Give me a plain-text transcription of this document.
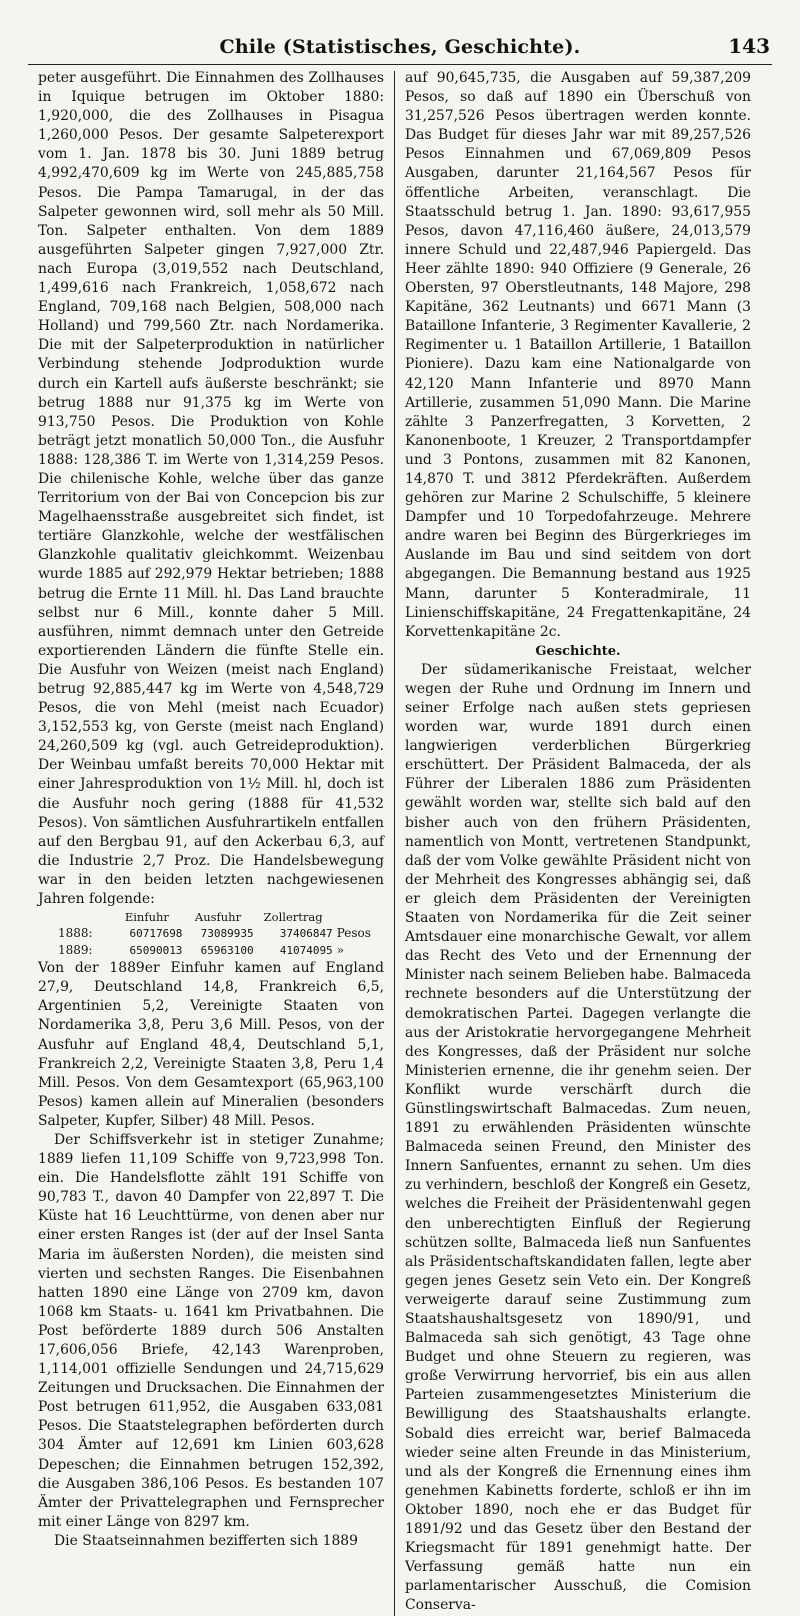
Chile (Statistisches, Geschichte).	143

peter ausgeführt. Die Einnahmen des Zollhauses in Iquique betrugen im Oktober 1880: 1,920,000, die des Zollhauses in Pisagua 1,260,000 Pesos. Der gesamte Salpeterexport vom 1. Jan. 1878 bis 30. Juni 1889 betrug 4,992,470,609 kg im Werte von 245,885,758 Pesos. Die Pampa Tamarugal, in der das Salpeter gewonnen wird, soll mehr als 50 Mill. Ton. Salpeter enthalten. Von dem 1889 ausgeführten Salpeter gingen 7,927,000 Ztr. nach Europa (3,019,552 nach Deutschland, 1,499,616 nach Frankreich, 1,058,672 nach England, 709,168 nach Belgien, 508,000 nach Holland) und 799,560 Ztr. nach Nordamerika. Die mit der Salpeterproduktion in natürlicher Verbindung stehende Jodproduktion wurde durch ein Kartell aufs äußerste beschränkt; sie betrug 1888 nur 91,375 kg im Werte von 913,750 Pesos. Die Produktion von Kohle beträgt jetzt monatlich 50,000 Ton., die Ausfuhr 1888: 128,386 T. im Werte von 1,314,259 Pesos. Die chilenische Kohle, welche über das ganze Territorium von der Bai von Concepcion bis zur Magelhaensstraße ausgebreitet sich findet, ist tertiäre Glanzkohle, welche der westfälischen Glanzkohle qualitativ gleichkommt. Weizenbau wurde 1885 auf 292,979 Hektar betrieben; 1888 betrug die Ernte 11 Mill. hl. Das Land brauchte selbst nur 6 Mill., konnte daher 5 Mill. ausführen, nimmt demnach unter den Getreide exportierenden Ländern die fünfte Stelle ein. Die Ausfuhr von Weizen (meist nach England) betrug 92,885,447 kg im Werte von 4,548,729 Pesos, die von Mehl (meist nach Ecuador) 3,152,553 kg, von Gerste (meist nach England) 24,260,509 kg (vgl. auch Getreideproduktion). Der Weinbau umfaßt bereits 70,000 Hektar mit einer Jahresproduktion von 1½ Mill. hl, doch ist die Ausfuhr noch gering (1888 für 41,532 Pesos). Von sämtlichen Ausfuhrartikeln entfallen auf den Bergbau 91, auf den Ackerbau 6,3, auf die Industrie 2,7 Proz. Die Handelsbewegung war in den beiden letzten nachgewiesenen Jahren folgende:

	Einfuhr	Ausfuhr	Zollertrag	
1888:	60717698	73089935	37406847	Pesos
1889:	65090013	65963100	41074095	»

Von der 1889er Einfuhr kamen auf England 27,9, Deutschland 14,8, Frankreich 6,5, Argentinien 5,2, Vereinigte Staaten von Nordamerika 3,8, Peru 3,6 Mill. Pesos, von der Ausfuhr auf England 48,4, Deutschland 5,1, Frankreich 2,2, Vereinigte Staaten 3,8, Peru 1,4 Mill. Pesos. Von dem Gesamtexport (65,963,100 Pesos) kamen allein auf Mineralien (besonders Salpeter, Kupfer, Silber) 48 Mill. Pesos.

Der Schiffsverkehr ist in stetiger Zunahme; 1889 liefen 11,109 Schiffe von 9,723,998 Ton. ein. Die Handelsflotte zählt 191 Schiffe von 90,783 T., davon 40 Dampfer von 22,897 T. Die Küste hat 16 Leuchttürme, von denen aber nur einer ersten Ranges ist (der auf der Insel Santa Maria im äußersten Norden), die meisten sind vierten und sechsten Ranges. Die Eisenbahnen hatten 1890 eine Länge von 2709 km, davon 1068 km Staats- u. 1641 km Privatbahnen. Die Post beförderte 1889 durch 506 Anstalten 17,606,056 Briefe, 42,143 Warenproben, 1,114,001 offizielle Sendungen und 24,715,629 Zeitungen und Drucksachen. Die Einnahmen der Post betrugen 611,952, die Ausgaben 633,081 Pesos. Die Staatstelegraphen beförderten durch 304 Ämter auf 12,691 km Linien 603,628 Depeschen; die Einnahmen betrugen 152,392, die Ausgaben 386,106 Pesos. Es bestanden 107 Ämter der Privattelegraphen und Fernsprecher mit einer Länge von 8297 km.

Die Staatseinnahmen bezifferten sich 1889

auf 90,645,735, die Ausgaben auf 59,387,209 Pesos, so daß auf 1890 ein Überschuß von 31,257,526 Pesos übertragen werden konnte. Das Budget für dieses Jahr war mit 89,257,526 Pesos Einnahmen und 67,069,809 Pesos Ausgaben, darunter 21,164,567 Pesos für öffentliche Arbeiten, veranschlagt. Die Staatsschuld betrug 1. Jan. 1890: 93,617,955 Pesos, davon 47,116,460 äußere, 24,013,579 innere Schuld und 22,487,946 Papiergeld. Das Heer zählte 1890: 940 Offiziere (9 Generale, 26 Obersten, 97 Oberstleutnants, 148 Majore, 298 Kapitäne, 362 Leutnants) und 6671 Mann (3 Bataillone Infanterie, 3 Regimenter Kavallerie, 2 Regimenter u. 1 Bataillon Artillerie, 1 Bataillon Pioniere). Dazu kam eine Nationalgarde von 42,120 Mann Infanterie und 8970 Mann Artillerie, zusammen 51,090 Mann. Die Marine zählte 3 Panzerfregatten, 3 Korvetten, 2 Kanonenboote, 1 Kreuzer, 2 Transportdampfer und 3 Pontons, zusammen mit 82 Kanonen, 14,870 T. und 3812 Pferdekräften. Außerdem gehören zur Marine 2 Schulschiffe, 5 kleinere Dampfer und 10 Torpedofahrzeuge. Mehrere andre waren bei Beginn des Bürgerkrieges im Auslande im Bau und sind seitdem von dort abgegangen. Die Bemannung bestand aus 1925 Mann, darunter 5 Konteradmirale, 11 Linienschiffskapitäne, 24 Fregattenkapitäne, 24 Korvettenkapitäne 2c.

Geschichte.

Der südamerikanische Freistaat, welcher wegen der Ruhe und Ordnung im Innern und seiner Erfolge nach außen stets gepriesen worden war, wurde 1891 durch einen langwierigen verderblichen Bürgerkrieg erschüttert. Der Präsident Balmaceda, der als Führer der Liberalen 1886 zum Präsidenten gewählt worden war, stellte sich bald auf den bisher auch von den frühern Präsidenten, namentlich von Montt, vertretenen Standpunkt, daß der vom Volke gewählte Präsident nicht von der Mehrheit des Kongresses abhängig sei, daß er gleich dem Präsidenten der Vereinigten Staaten von Nordamerika für die Zeit seiner Amtsdauer eine monarchische Gewalt, vor allem das Recht des Veto und der Ernennung der Minister nach seinem Belieben habe. Balmaceda rechnete besonders auf die Unterstützung der demokratischen Partei. Dagegen verlangte die aus der Aristokratie hervorgegangene Mehrheit des Kongresses, daß der Präsident nur solche Ministerien ernenne, die ihr genehm seien. Der Konflikt wurde verschärft durch die Günstlingswirtschaft Balmacedas. Zum neuen, 1891 zu erwählenden Präsidenten wünschte Balmaceda seinen Freund, den Minister des Innern Sanfuentes, ernannt zu sehen. Um dies zu verhindern, beschloß der Kongreß ein Gesetz, welches die Freiheit der Präsidentenwahl gegen den unberechtigten Einfluß der Regierung schützen sollte, Balmaceda ließ nun Sanfuentes als Präsidentschaftskandidaten fallen, legte aber gegen jenes Gesetz sein Veto ein. Der Kongreß verweigerte darauf seine Zustimmung zum Staatshaushaltsgesetz von 1890/91, und Balmaceda sah sich genötigt, 43 Tage ohne Budget und ohne Steuern zu regieren, was große Verwirrung hervorrief, bis ein aus allen Parteien zusammengesetztes Ministerium die Bewilligung des Staatshaushalts erlangte. Sobald dies erreicht war, berief Balmaceda wieder seine alten Freunde in das Ministerium, und als der Kongreß die Ernennung eines ihm genehmen Kabinetts forderte, schloß er ihn im Oktober 1890, noch ehe er das Budget für 1891/92 und das Gesetz über den Bestand der Kriegsmacht für 1891 genehmigt hatte. Der Verfassung gemäß hatte nun ein parlamentarischer Ausschuß, die Comision Conserva-
